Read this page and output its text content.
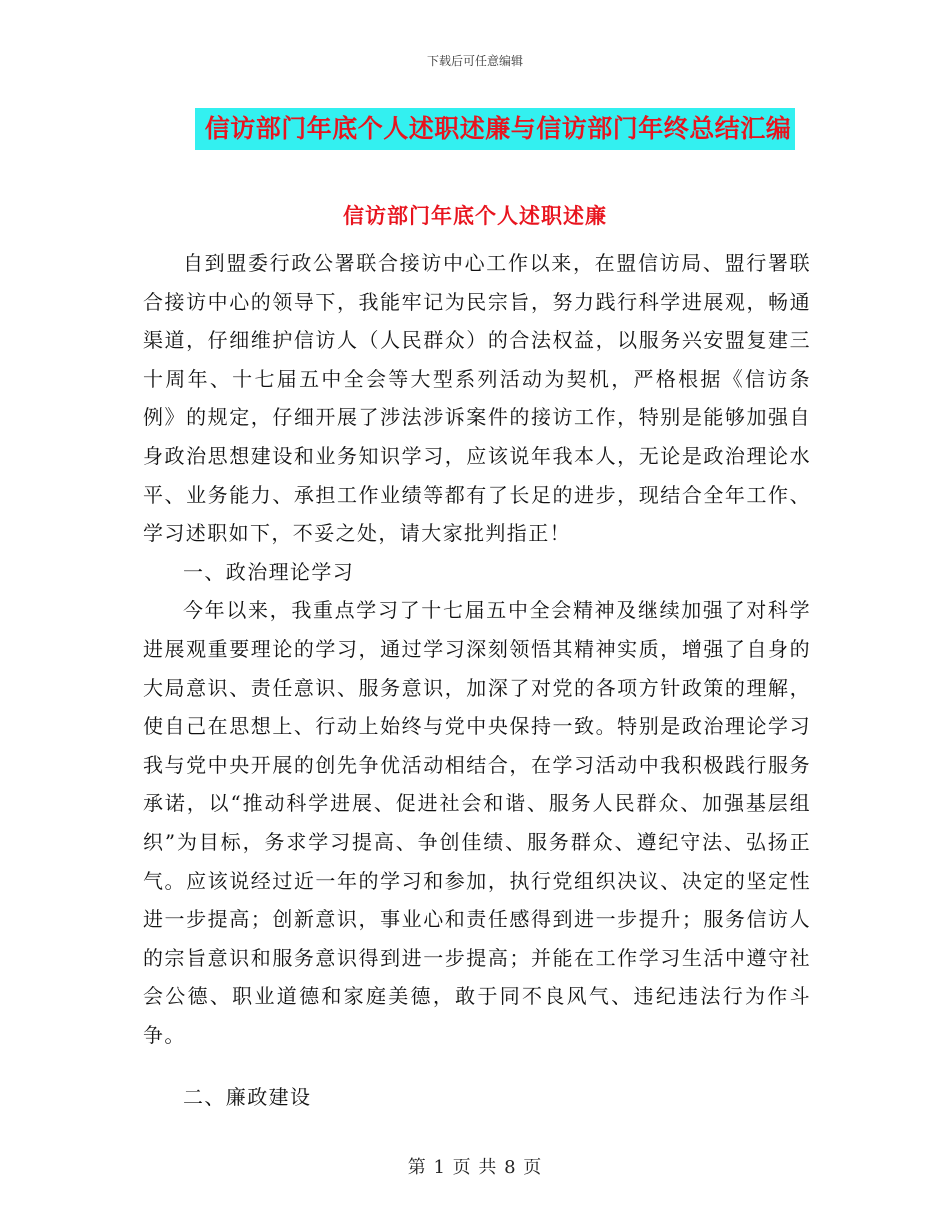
下载后可任意编辑
信访部门年底个人述职述廉与信访部门年终总结汇编
信访部门年底个人述职述廉

自到盟委行政公署联合接访中心工作以来，在盟信访局、盟行署联合接访中心的领导下，我能牢记为民宗旨，努力践行科学进展观，畅通渠道，仔细维护信访人（人民群众）的合法权益，以服务兴安盟复建三十周年、十七届五中全会等大型系列活动为契机，严格根据《信访条例》的规定，仔细开展了涉法涉诉案件的接访工作，特别是能够加强自身政治思想建设和业务知识学习，应该说年我本人，无论是政治理论水平、业务能力、承担工作业绩等都有了长足的进步，现结合全年工作、学习述职如下，不妥之处，请大家批判指正！

一、政治理论学习

今年以来，我重点学习了十七届五中全会精神及继续加强了对科学进展观重要理论的学习，通过学习深刻领悟其精神实质，增强了自身的大局意识、责任意识、服务意识，加深了对党的各项方针政策的理解，使自己在思想上、行动上始终与党中央保持一致。特别是政治理论学习我与党中央开展的创先争优活动相结合，在学习活动中我积极践行服务承诺，以“推动科学进展、促进社会和谐、服务人民群众、加强基层组织”为目标，务求学习提高、争创佳绩、服务群众、遵纪守法、弘扬正气。应该说经过近一年的学习和参加，执行党组织决议、决定的坚定性进一步提高；创新意识，事业心和责任感得到进一步提升；服务信访人的宗旨意识和服务意识得到进一步提高；并能在工作学习生活中遵守社会公德、职业道德和家庭美德，敢于同不良风气、违纪违法行为作斗争。

二、廉政建设

第 1 页 共 8 页
